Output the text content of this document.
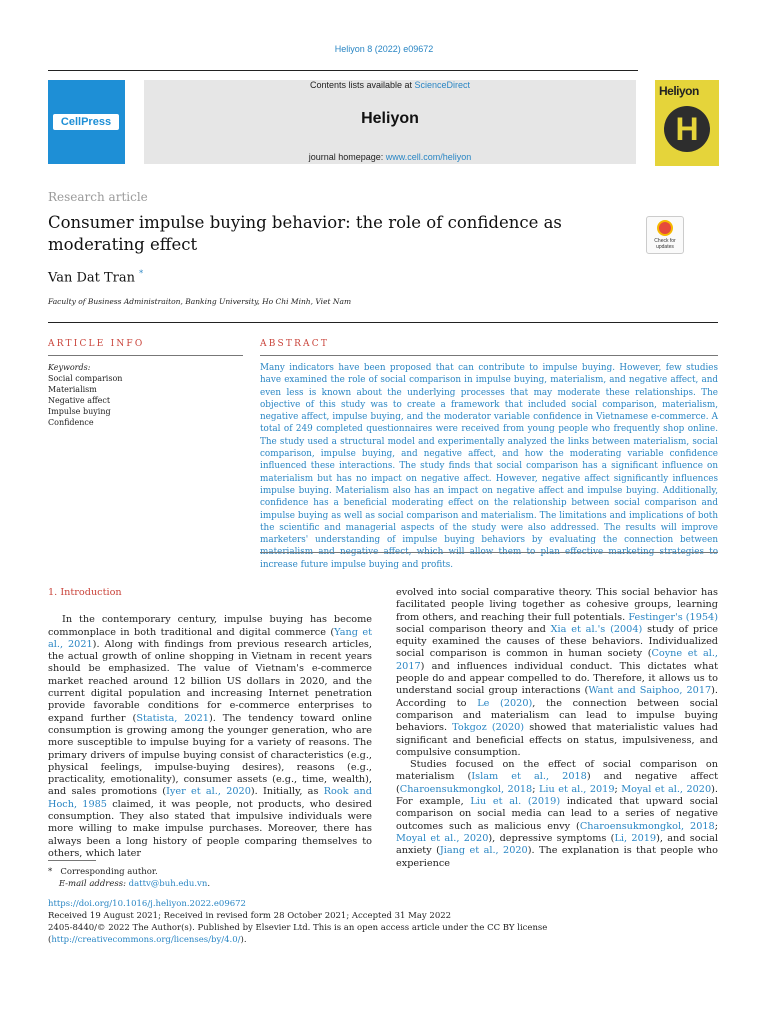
Heliyon 8 (2022) e09672
CellPress
Contents lists available at ScienceDirect
Heliyon
journal homepage: www.cell.com/heliyon
Heliyon
H
Research article
Consumer impulse buying behavior: the role of confidence as moderating effect	Check for
updates
Van Dat Tran *
Faculty of Business Administraiton, Banking University, Ho Chi Minh, Viet Nam
ARTICLE INFO	ABSTRACT
Keywords:
Social comparison
Materialism
Negative affect
Impulse buying
Confidence
Many indicators have been proposed that can contribute to impulse buying. However, few studies have examined the role of social comparison in impulse buying, materialism, and negative affect, and even less is known about the underlying processes that may moderate these relationships. The objective of this study was to create a framework that included social comparison, materialism, negative affect, impulse buying, and the moderator variable confidence in Vietnamese e-commerce. A total of 249 completed questionnaires were received from young people who frequently shop online. The study used a structural model and experimentally analyzed the links between materialism, social comparison, impulse buying, and negative affect, and how the moderating variable confidence influenced these interactions. The study finds that social comparison has a significant influence on materialism but has no impact on negative affect. However, negative affect significantly influences impulse buying. Materialism also has an impact on negative affect and impulse buying. Additionally, confidence has a beneficial moderating effect on the relationship between social comparison and impulse buying as well as social comparison and materialism. The limitations and implications of both the scientific and managerial aspects of the study were also addressed. The results will improve marketers' understanding of impulse buying behaviors by evaluating the connection between increase future impulse buying and profits.

1. Introduction

In the contemporary century, impulse buying has become commonplace in both traditional and digital commerce (Yang et al., 2021). Along with findings from previous research articles, the actual growth of online shopping in Vietnam in recent years should be emphasized. The value of Vietnam's e-commerce market reached around 12 billion US dollars in 2020, and the current digital population and increasing Internet penetration provide favorable conditions for e-commerce enterprises to expand further (Statista, 2021). The tendency toward online consumption is growing among the younger generation, who are more susceptible to impulse buying for a variety of reasons. The primary drivers of impulse buying consist of characteristics (e.g., physical feelings, impulse-buying desires), reasons (e.g., practicality, emotionality), consumer assets (e.g., time, wealth), and sales promotions (Iyer et al., 2020). Initially, as Rook and Hoch, 1985 claimed, it was people, not products, who desired consumption. They also stated that impulsive individuals were more willing to make impulse purchases. Moreover, there has always been a long history of people comparing themselves to others, which later

evolved into social comparative theory. This social behavior has facilitated people living together as cohesive groups, learning from others, and reaching their full potentials. Festinger's (1954) social comparison theory and Xia et al.'s (2004) study of price equity examined the causes of these behaviors. Individualized social comparison is common in human society (Coyne et al., 2017) and influences individual conduct. This dictates what people do and appear compelled to do. Therefore, it allows us to understand social group interactions (Want and Saiphoo, 2017). According to Le (2020), the connection between social comparison and materialism can lead to impulse buying behaviors. Tokgoz (2020) showed that materialistic values had significant and beneficial effects on status, impulsiveness, and compulsive consumption.

Studies focused on the effect of social comparison on materialism (Islam et al., 2018) and negative affect (Charoensukmongkol, 2018; Liu et al., 2019; Moyal et al., 2020). For example, Liu et al. (2019) indicated that upward social comparison on social media can lead to a series of negative outcomes such as malicious envy (Charoensukmongkol, 2018; Moyal et al., 2020), depressive symptoms (Li, 2019), and social anxiety (Jiang et al., 2020). The explanation is that people who experience

* Corresponding author.
E-mail address: dattv@buh.edu.vn.
https://doi.org/10.1016/j.heliyon.2022.e09672
Received 19 August 2021; Received in revised form 28 October 2021; Accepted 31 May 2022
2405-8440/© 2022 The Author(s). Published by Elsevier Ltd. This is an open access article under the CC BY license (http://creativecommons.org/licenses/by/4.0/).
